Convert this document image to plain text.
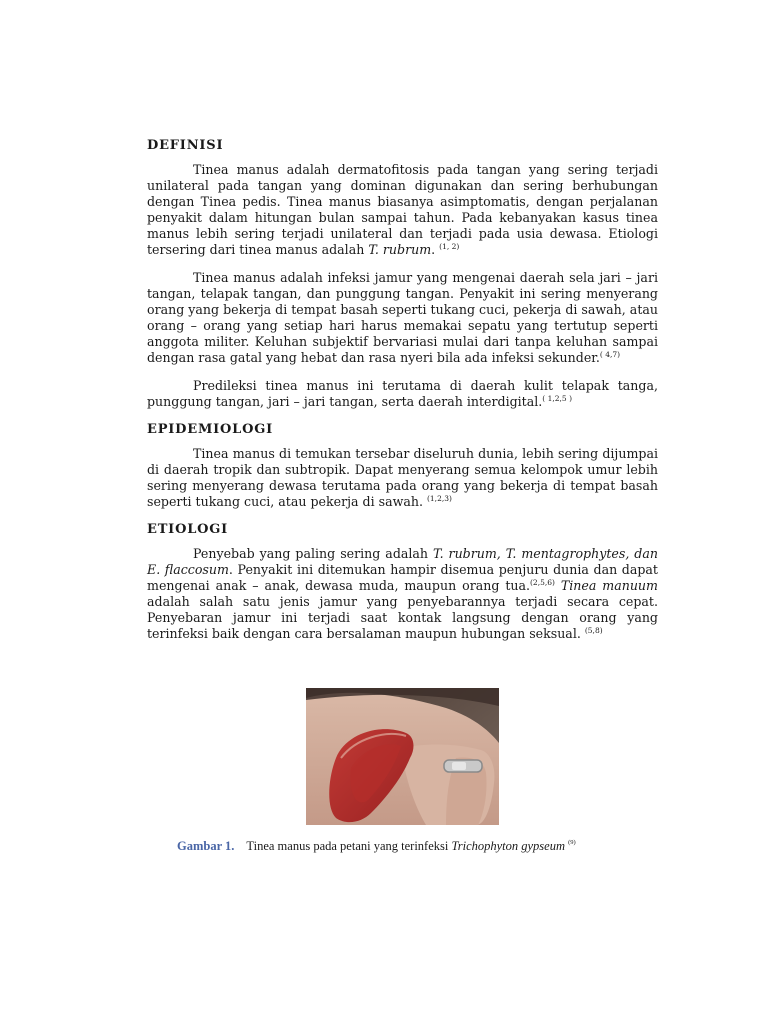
DEFINISI

Tinea manus adalah dermatofitosis pada tangan yang sering terjadi unilateral pada tangan yang dominan digunakan dan sering berhubungan dengan Tinea pedis. Tinea manus biasanya asimptomatis, dengan perjalanan penyakit dalam hitungan bulan sampai tahun. Pada kebanyakan kasus tinea manus lebih sering terjadi unilateral dan terjadi pada usia dewasa. Etiologi tersering dari tinea manus adalah T. rubrum. $^{(1, 2)}$

Tinea manus adalah infeksi jamur yang mengenai daerah sela jari – jari tangan, telapak tangan, dan punggung tangan. Penyakit ini sering menyerang orang yang bekerja di tempat basah seperti tukang cuci, pekerja di sawah, atau orang – orang yang setiap hari harus memakai sepatu yang tertutup seperti anggota militer. Keluhan subjektif bervariasi mulai dari tanpa keluhan sampai dengan rasa gatal yang hebat dan rasa nyeri bila ada infeksi sekunder.$^{( 4,7)}$

Predileksi tinea manus ini terutama di daerah kulit telapak tanga, punggung tangan, jari – jari tangan, serta daerah interdigital.$^{( 1,2,5 )}$

EPIDEMIOLOGI

Tinea manus di temukan tersebar diseluruh dunia, lebih sering dijumpai di daerah tropik dan subtropik. Dapat menyerang semua kelompok umur lebih sering menyerang dewasa terutama pada orang yang bekerja di tempat basah seperti tukang cuci, atau pekerja di sawah. $^{(1,2,3)}$

ETIOLOGI

Penyebab yang paling sering adalah T. rubrum, T. mentagrophytes, dan E. flaccosum. Penyakit ini ditemukan hampir disemua penjuru dunia dan dapat mengenai anak – anak, dewasa muda, maupun orang tua.$^{(2,5,6)}$ Tinea manuum adalah salah satu jenis jamur yang penyebarannya terjadi secara cepat. Penyebaran jamur ini terjadi saat kontak langsung dengan orang yang terinfeksi baik dengan cara bersalaman maupun hubungan seksual. $^{(5,8)}$

Gambar 1. Tinea manus pada petani yang terinfeksi Trichophyton gypseum $^{(9)}$
